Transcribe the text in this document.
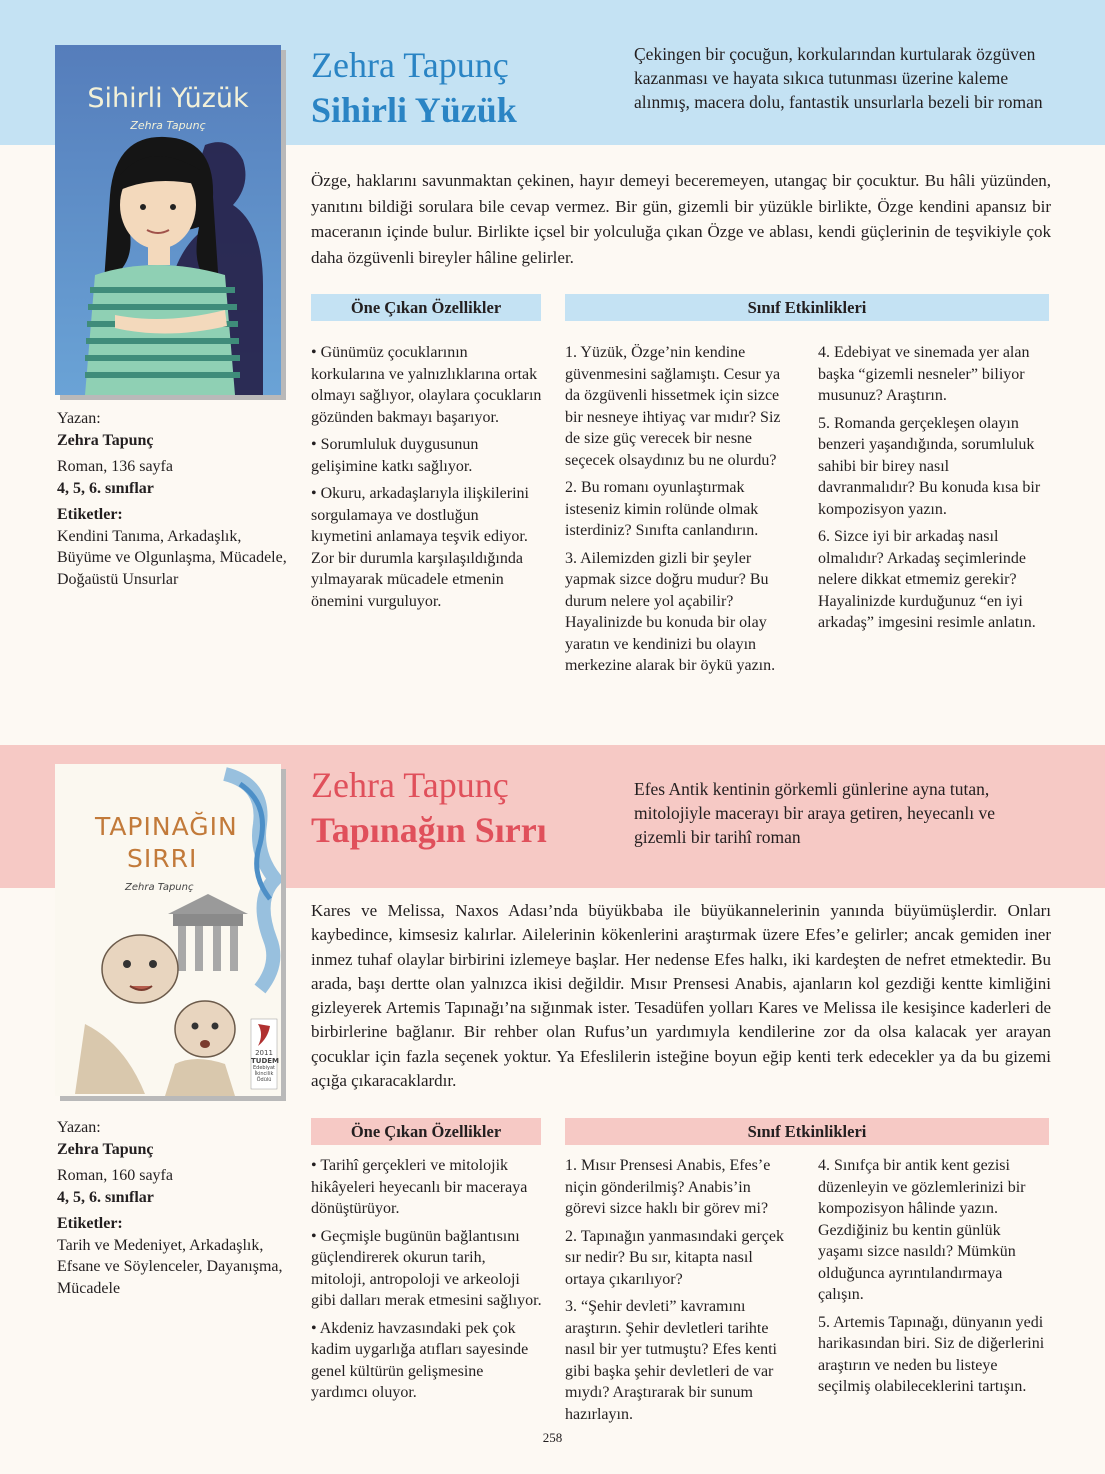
Sihirli Yüzük
Zehra Tapunç
Zehra Tapunç
Sihirli Yüzük
Çekingen bir çocuğun, korkularından kurtularak özgüven kazanması ve hayata sıkıca tutunması üzerine kaleme alınmış, macera dolu, fantastik unsurlarla bezeli bir roman
Özge, haklarını savunmaktan çekinen, hayır demeyi beceremeyen, utangaç bir çocuktur. Bu hâli yüzünden, yanıtını bildiği sorulara bile cevap vermez. Bir gün, gizemli bir yüzükle birlikte, Özge kendini apansız bir maceranın içinde bulur. Birlikte içsel bir yolculuğa çıkan Özge ve ablası, kendi güçlerinin de teşvikiyle çok daha özgüvenli bireyler hâline gelirler.

Yazan:

Zehra Tapunç

Roman, 136 sayfa

4, 5, 6. sınıflar

Etiketler:

Kendini Tanıma, Arkadaşlık, Büyüme ve Olgunlaşma, Mücadele, Doğaüstü Unsurlar

Öne Çıkan Özellikler	Sınıf Etkinlikleri

• Günümüz çocuklarının korkularına ve yalnızlıklarına ortak olmayı sağlıyor, olaylara çocukların gözünden bakmayı başarıyor.

• Sorumluluk duygusunun gelişimine katkı sağlıyor.

• Okuru, arkadaşlarıyla ilişkilerini sorgulamaya ve dostluğun kıymetini anlamaya teşvik ediyor. Zor bir durumla karşılaşıldığında yılmayarak mücadele etmenin önemini vurguluyor.

1. Yüzük, Özge’nin kendine güvenmesini sağlamıştı. Cesur ya da özgüvenli hissetmek için sizce bir nesneye ihtiyaç var mıdır? Siz de size güç verecek bir nesne seçecek olsaydınız bu ne olurdu?

2. Bu romanı oyunlaştırmak isteseniz kimin rolünde olmak isterdiniz? Sınıfta canlandırın.

3. Ailemizden gizli bir şeyler yapmak sizce doğru mudur? Bu durum nelere yol açabilir? Hayalinizde bu konuda bir olay yaratın ve kendinizi bu olayın merkezine alarak bir öykü yazın.

4. Edebiyat ve sinemada yer alan başka “gizemli nesneler” biliyor musunuz? Araştırın.

5. Romanda gerçekleşen olayın benzeri yaşandığında, sorumluluk sahibi bir birey nasıl davranmalıdır? Bu konuda kısa bir kompozisyon yazın.

6. Sizce iyi bir arkadaş nasıl olmalıdır? Arkadaş seçimlerinde nelere dikkat etmemiz gerekir? Hayalinizde kurduğunuz “en iyi arkadaş” imgesini resimle anlatın.

TAPINAĞIN
SIRRI
Zehra Tapunç
2011
TUDEM
Edebiyat İkincilik Ödülü
Zehra Tapunç
Tapınağın Sırrı
Efes Antik kentinin görkemli günlerine ayna tutan, mitolojiyle macerayı bir araya getiren, heyecanlı ve gizemli bir tarihî roman
Kares ve Melissa, Naxos Adası’nda büyükbaba ile büyükannelerinin yanında büyümüşlerdir. Onları kaybedince, kimsesiz kalırlar. Ailelerinin kökenlerini araştırmak üzere Efes’e gelirler; ancak gemiden iner inmez tuhaf olaylar birbirini izlemeye başlar. Her nedense Efes halkı, iki kardeşten de nefret etmektedir. Bu arada, başı dertte olan yalnızca ikisi değildir. Mısır Prensesi Anabis, ajanların kol gezdiği kentte kimliğini gizleyerek Artemis Tapınağı’na sığınmak ister. Tesadüfen yolları Kares ve Melissa ile kesişince kaderleri de birbirlerine bağlanır. Bir rehber olan Rufus’un yardımıyla kendilerine zor da olsa kalacak yer arayan çocuklar için fazla seçenek yoktur. Ya Efeslilerin isteğine boyun eğip kenti terk edecekler ya da bu gizemi açığa çıkaracaklardır.

Yazan:

Zehra Tapunç

Roman, 160 sayfa

4, 5, 6. sınıflar

Etiketler:

Tarih ve Medeniyet, Arkadaşlık, Efsane ve Söylenceler, Dayanışma, Mücadele

Öne Çıkan Özellikler	Sınıf Etkinlikleri

• Tarihî gerçekleri ve mitolojik hikâyeleri heyecanlı bir maceraya dönüştürüyor.

• Geçmişle bugünün bağlantısını güçlendirerek okurun tarih, mitoloji, antropoloji ve arkeoloji gibi dalları merak etmesini sağlıyor.

• Akdeniz havzasındaki pek çok kadim uygarlığa atıfları sayesinde genel kültürün gelişmesine yardımcı oluyor.

1. Mısır Prensesi Anabis, Efes’e niçin gönderilmiş? Anabis’in görevi sizce haklı bir görev mi?

2. Tapınağın yanmasındaki gerçek sır nedir? Bu sır, kitapta nasıl ortaya çıkarılıyor?

3. “Şehir devleti” kavramını araştırın. Şehir devletleri tarihte nasıl bir yer tutmuştu? Efes kenti gibi başka şehir devletleri de var mıydı? Araştırarak bir sunum hazırlayın.

4. Sınıfça bir antik kent gezisi düzenleyin ve gözlemlerinizi bir kompozisyon hâlinde yazın. Gezdiğiniz bu kentin günlük yaşamı sizce nasıldı? Mümkün olduğunca ayrıntılandırmaya çalışın.

5. Artemis Tapınağı, dünyanın yedi harikasından biri. Siz de diğerlerini araştırın ve neden bu listeye seçilmiş olabileceklerini tartışın.

258
